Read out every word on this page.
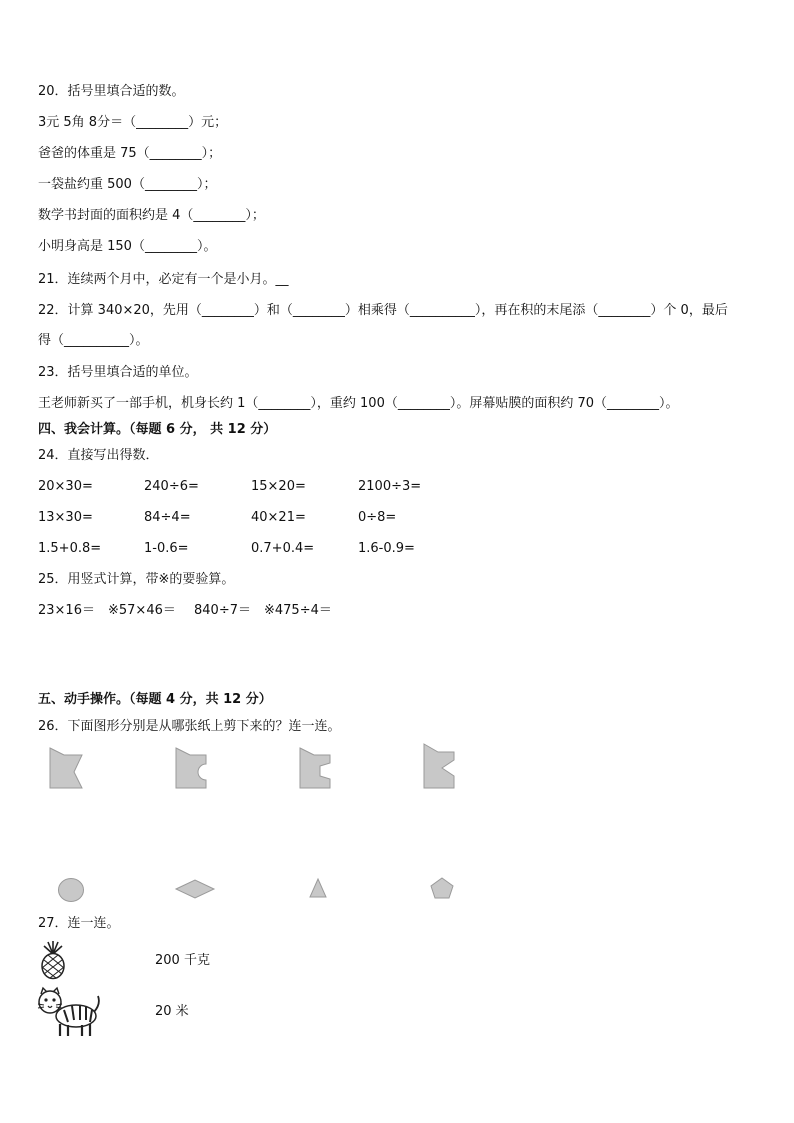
20．括号里填合适的数。
3元 5角 8分＝（________）元；
爸爸的体重是 75（________）；
一袋盐约重 500（________）；
数学书封面的面积约是 4（________）；
小明身高是 150（________）。
21．连续两个月中，必定有一个是小月。__
22．计算 340×20，先用（________）和（________）相乘得（__________），再在积的末尾添（________）个 0，最后
得（__________）。
23．括号里填合适的单位。
王老师新买了一部手机，机身长约 1（________），重约 100（________）。屏幕贴膜的面积约 70（________）。
四、我会计算。（每题 6 分， 共 12 分）
24．直接写出得数．
20×30=	240÷6=	15×20=	2100÷3=
13×30=	84÷4=	40×21=	0÷8=
1.5+0.8=	1-0.6=	0.7+0.4=	1.6-0.9=
25．用竖式计算，带※的要验算。
23×16＝ ※57×46＝ 840÷7＝ ※475÷4＝
五、动手操作。（每题 4 分，共 12 分）
26．下面图形分别是从哪张纸上剪下来的？连一连。
27．连一连。
200 千克
20 米
